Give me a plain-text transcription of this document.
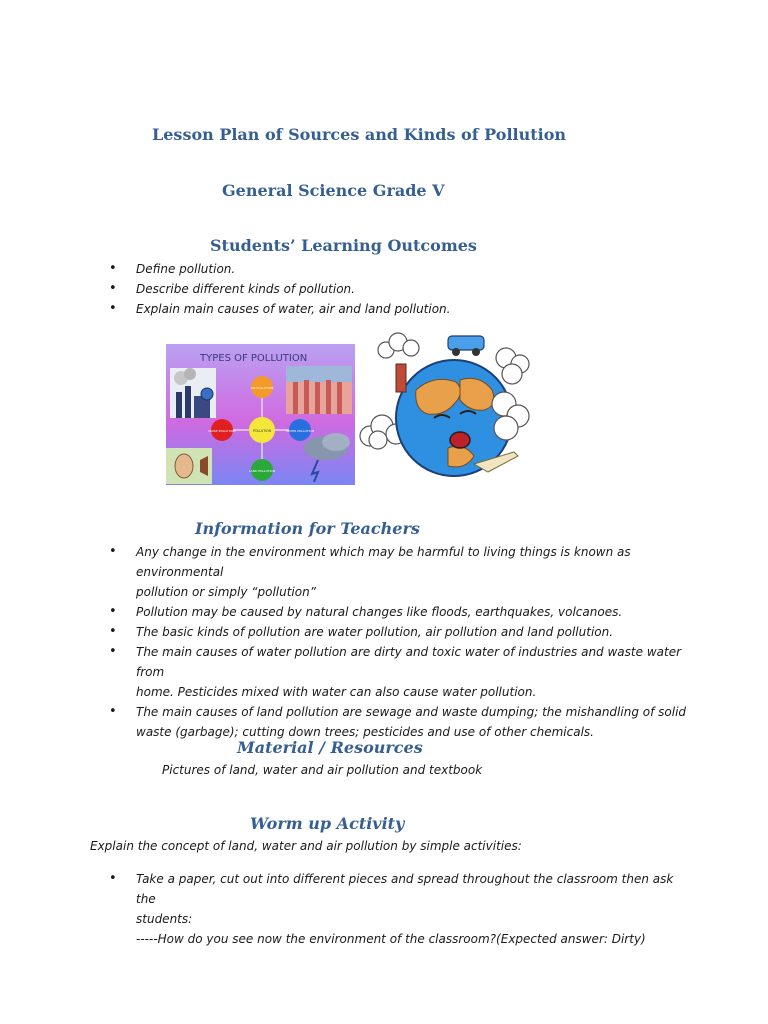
Lesson Plan of Sources and Kinds of Pollution
General Science Grade V
Students’ Learning Outcomes
• Define pollution.
• Describe different kinds of pollution.
• Explain main causes of water, air and land pollution.
TYPES OF POLLUTION
AIR POLLUTION
POLLUTION	WATER POLLUTION
LAND POLLUTION
NOISE POLLUTION
Information for Teachers
• Any change in the environment which may be harmful to living things is known as environmental
pollution or simply “pollution”
• Pollution may be caused by natural changes like floods, earthquakes, volcanoes.
• The basic kinds of pollution are water pollution, air pollution and land pollution.
• The main causes of water pollution are dirty and toxic water of industries and waste water from
home. Pesticides mixed with water can also cause water pollution.
• The main causes of land pollution are sewage and waste dumping; the mishandling of solid
waste (garbage); cutting down trees; pesticides and use of other chemicals.
Material / Resources
Pictures of land, water and air pollution and textbook
Worm up Activity
Explain the concept of land, water and air pollution by simple activities:
• Take a paper, cut out into different pieces and spread throughout the classroom then ask the
students:
-----How do you see now the environment of the classroom?(Expected answer: Dirty)
